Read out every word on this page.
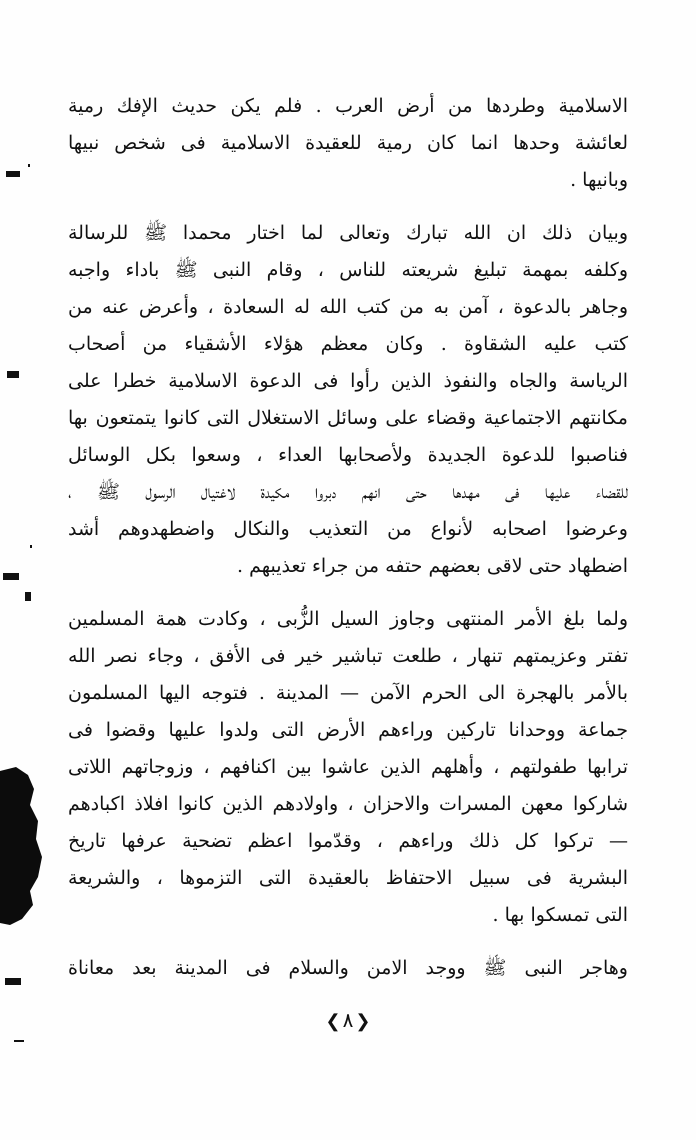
الاسلامية وطردها من أرض العرب . فلم يكن حديث الإفك رمية
لعائشة وحدها انما كان رمية للعقيدة الاسلامية فى شخص نبيها
وبانيها .
وبيان ذلك ان الله تبارك وتعالى لما اختار محمدا ﷺ للرسالة
وكلفه بمهمة تبليغ شريعته للناس ، وقام النبى ﷺ باداء واجبه
وجاهر بالدعوة ، آمن به من كتب الله له السعادة ، وأعرض عنه من
كتب عليه الشقاوة . وكان معظم هؤلاء الأشقياء من أصحاب
الرياسة والجاه والنفوذ الذين رأوا فى الدعوة الاسلامية خطرا على
مكانتهم الاجتماعية وقضاء على وسائل الاستغلال التى كانوا يتمتعون بها
فناصبوا للدعوة الجديدة ولأصحابها العداء ، وسعوا بكل الوسائل
للقضاء عليها فى مهدها حتى انهم دبروا مكيدة لاغتيال الرسول ﷺ ،
وعرضوا اصحابه لأنواع من التعذيب والنكال واضطهدوهم أشد
اضطهاد حتى لاقى بعضهم حتفه من جراء تعذيبهم .
ولما بلغ الأمر المنتهى وجاوز السيل الزُّبى ، وكادت همة المسلمين
تفتر وعزيمتهم تنهار ، طلعت تباشير خير فى الأفق ، وجاء نصر الله
بالأمر بالهجرة الى الحرم الآمن — المدينة . فتوجه اليها المسلمون
جماعة ووحدانا تاركين وراءهم الأرض التى ولدوا عليها وقضوا فى
ترابها طفولتهم ، وأهلهم الذين عاشوا بين اكنافهم ، وزوجاتهم اللاتى
شاركوا معهن المسرات والاحزان ، واولادهم الذين كانوا افلاذ اكبادهم
— تركوا كل ذلك وراءهم ، وقدّموا اعظم تضحية عرفها تاريخ
البشرية فى سبيل الاحتفاظ بالعقيدة التى التزموها ، والشريعة
التى تمسكوا بها .
وهاجر النبى ﷺ ووجد الامن والسلام فى المدينة بعد معاناة
❮٨❯
